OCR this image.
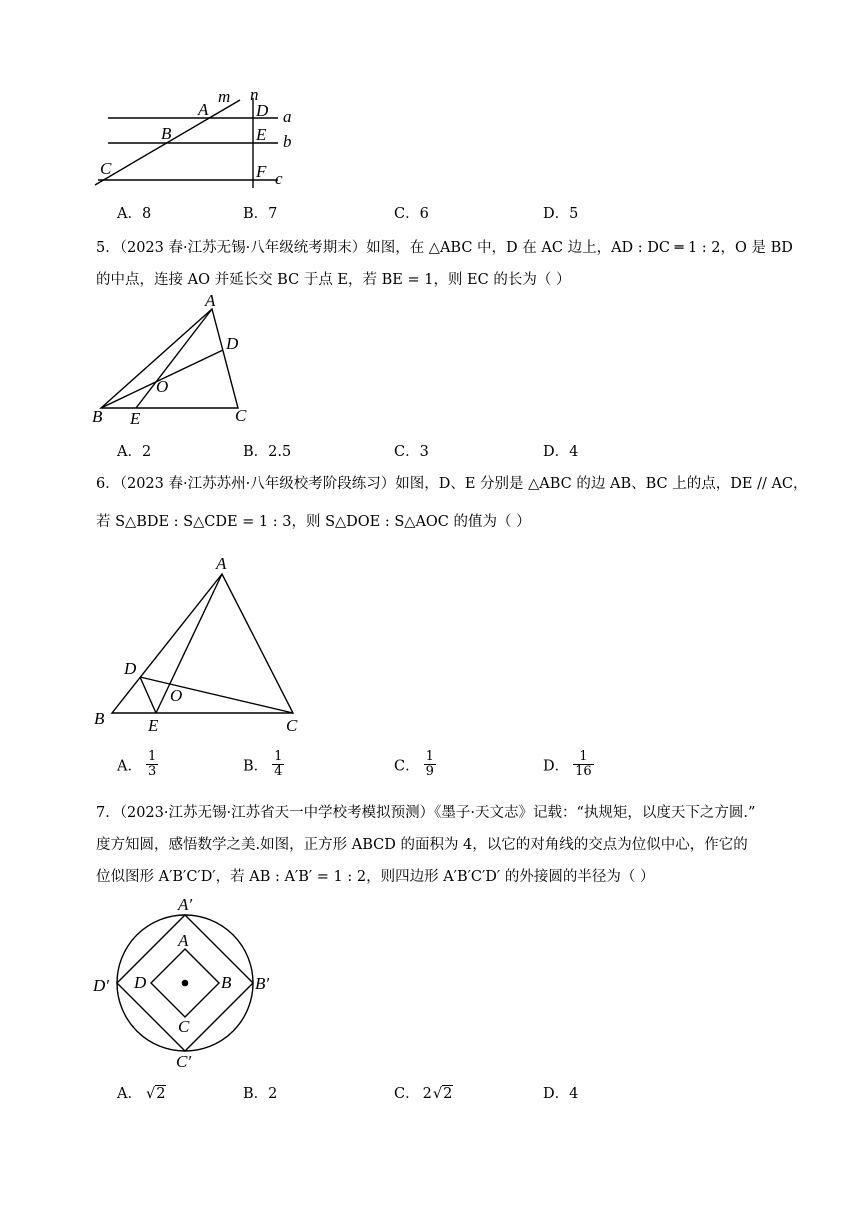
m n
A	D a
B	E b
C	F c
A．8	B．7	C．6	D．5
5．（2023 春·江苏无锡·八年级统考期末）如图，在 △ABC 中，D 在 AC 边上，AD : DC ═ 1 : 2，O 是 BD
的中点，连接 AO 并延长交 BC 于点 E，若 BE = 1，则 EC 的长为（ ）
A
D
O
B E	C
A．2	B．2.5	C．3	D．4
6．（2023 春·江苏苏州·八年级校考阶段练习）如图，D、E 分别是 △ABC 的边 AB、BC 上的点，DE // AC，
若 S△BDE : S△CDE = 1 : 3，则 S△DOE : S△AOC 的值为（ ）
A
D
O
B	E	C
A． $\frac{1}{3}$	B． $\frac{1}{4}$	C． $\frac{1}{9}$	D． $\frac{1}{16}$
7．（2023·江苏无锡·江苏省天一中学校考模拟预测）《墨子·天文志》记载：“执规矩，以度天下之方圆.”
度方知圆，感悟数学之美.如图，正方形 ABCD 的面积为 4，以它的对角线的交点为位似中心，作它的
位似图形 A′B′C′D′，若 AB : A′B′ = 1 : 2，则四边形 A′B′C′D′ 的外接圆的半径为（ ）
A′
A
D′ D	B B′
C
C′
A． √2	B．2	C． 2√2	D．4
